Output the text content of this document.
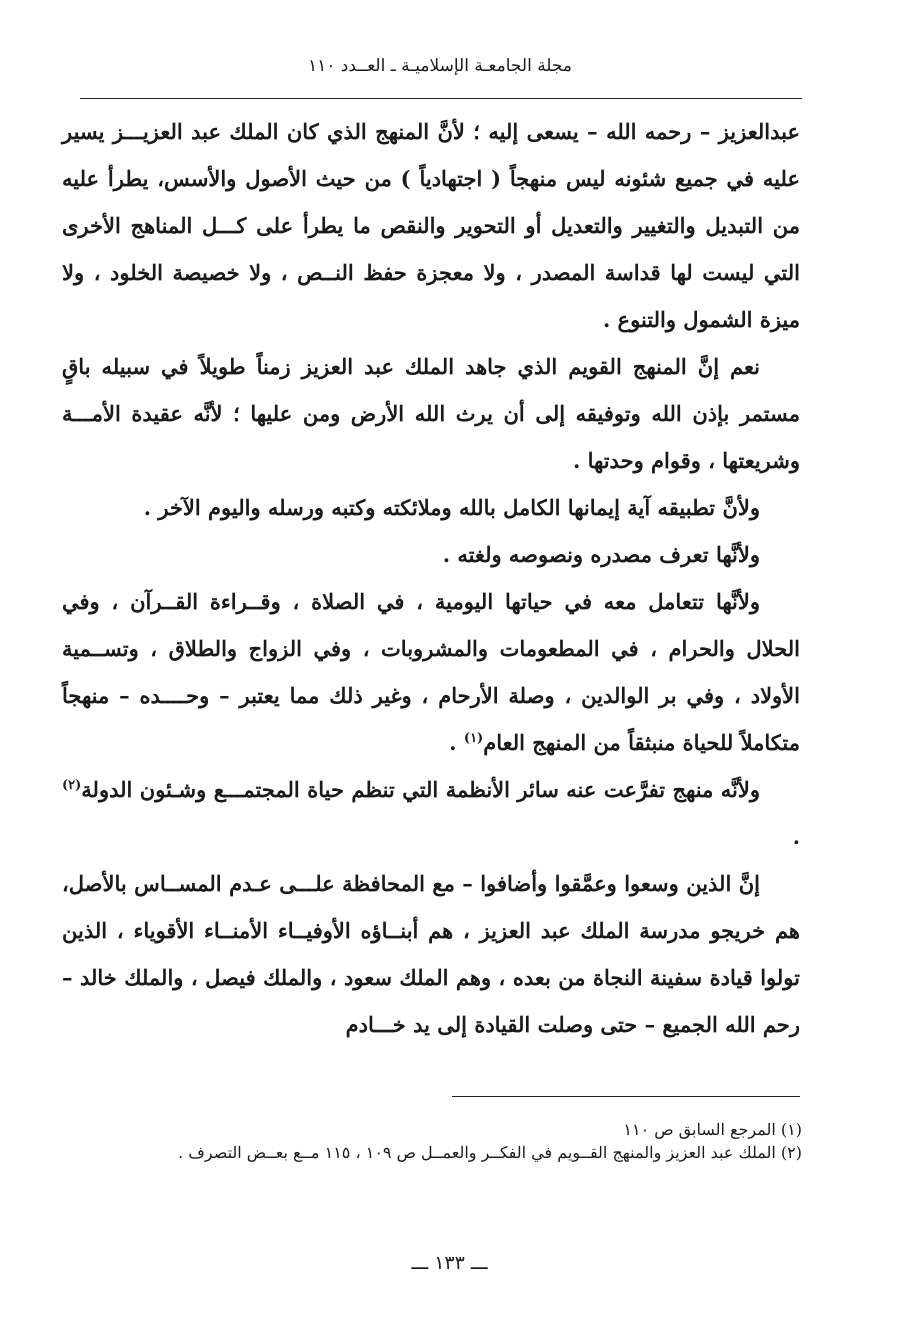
مجلة الجامعـة الإسلاميـة ـ العــدد ١١٠

عبدالعزيز – رحمه الله – يسعى إليه ؛ لأنَّ المنهج الذي كان الملك عبد العزيـــز يسير عليه في جميع شئونه ليس منهجاً ( اجتهادياً ) من حيث الأصول والأسس، يطرأ عليه من التبديل والتغيير والتعديل أو التحوير والنقص ما يطرأ على كـــل المناهج الأخرى التي ليست لها قداسة المصدر ، ولا معجزة حفظ النــص ، ولا خصيصة الخلود ، ولا ميزة الشمول والتنوع .

نعم إنَّ المنهج القويم الذي جاهد الملك عبد العزيز زمناً طويلاً في سبيله باقٍ مستمر بإذن الله وتوفيقه إلى أن يرث الله الأرض ومن عليها ؛ لأنَّه عقيدة الأمـــة وشريعتها ، وقوام وحدتها .

ولأنَّ تطبيقه آية إيمانها الكامل بالله وملائكته وكتبه ورسله واليوم الآخر .

ولأنَّها تعرف مصدره ونصوصه ولغته .

ولأنَّها تتعامل معه في حياتها اليومية ، في الصلاة ، وقــراءة القــرآن ، وفي الحلال والحرام ، في المطعومات والمشروبات ، وفي الزواج والطلاق ، وتســمية الأولاد ، وفي بر الوالدين ، وصلة الأرحام ، وغير ذلك مما يعتبر – وحــــده – منهجاً متكاملاً للحياة منبثقاً من المنهج العام$^{(١)}$ .

ولأنَّه منهج تفرَّعت عنه سائر الأنظمة التي تنظم حياة المجتمـــع وشـئون الدولة$^{(٢)}$ .

إنَّ الذين وسعوا وعمَّقوا وأضافوا – مع المحافظة علـــى عـدم المســاس بالأصل، هم خريجو مدرسة الملك عبد العزيز ، هم أبنــاؤه الأوفيــاء الأمنــاء الأقوياء ، الذين تولوا قيادة سفينة النجاة من بعده ، وهم الملك سعود ، والملك فيصل ، والملك خالد – رحم الله الجميع – حتى وصلت القيادة إلى يد خـــادم

(١) المرجع السابق ص ١١٠

(٢) الملك عبد العزيز والمنهج القــويم في الفكــر والعمــل ص ١٠٩ ، ١١٥ مــع بعــض التصرف .

ـــ ١٣٣ ـــ
